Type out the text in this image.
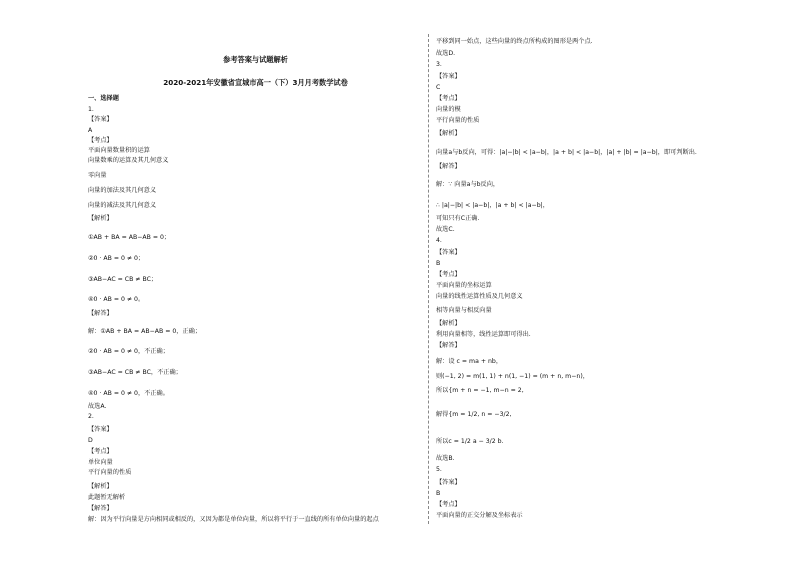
参考答案与试题解析
2020-2021年安徽省宣城市高一（下）3月月考数学试卷
一、选择题
1.
【答案】
A
【考点】
平面向量数量积的运算
向量数乘的运算及其几何意义
零向量
向量的加法及其几何意义
向量的减法及其几何意义
【解析】
①AB + BA = AB−AB = 0；
②0 · AB = 0 ≠ 0；
③AB−AC = CB ≠ BC；
④0 · AB = 0 ≠ 0。
【解答】
解：①AB + BA = AB−AB = 0，正确；
②0 · AB = 0 ≠ 0，不正确；
③AB−AC = CB ≠ BC，不正确；
④0 · AB = 0 ≠ 0，不正确。
故选A.
2.
【答案】
D
【考点】
单位向量
平行向量的性质
【解析】
此题暂无解析
【解答】
解：因为平行向量是方向相同或相反的，又因为都是单位向量，所以将平行于一直线的所有单位向量的起点
平移到同一始点，这些向量的终点所构成的图形是两个点.
故选D.
3.
【答案】
C
【考点】
向量的模
平行向量的性质
【解析】
向量a与b反向，可得：|a|−|b| < |a−b|，|a + b| < |a−b|，|a| + |b| = |a−b|，即可判断出.
【解答】
解：∵ 向量a与b反向，
∴ |a|−|b| < |a−b|，|a + b| < |a−b|，
可知只有C正确.
故选C.
4.
【答案】
B
【考点】
平面向量的坐标运算
向量的线性运算性质及几何意义
相等向量与相反向量
【解析】
利用向量相等，线性运算即可得出.
【解答】
解：设 c = ma + nb，
则(−1, 2) = m(1, 1) + n(1, −1) = (m + n, m−n)，
所以{m + n = −1, m−n = 2,
解得{m = 1/2, n = −3/2,
所以c = 1/2 a − 3/2 b.
故选B.
5.
【答案】
B
【考点】
平面向量的正交分解及坐标表示
